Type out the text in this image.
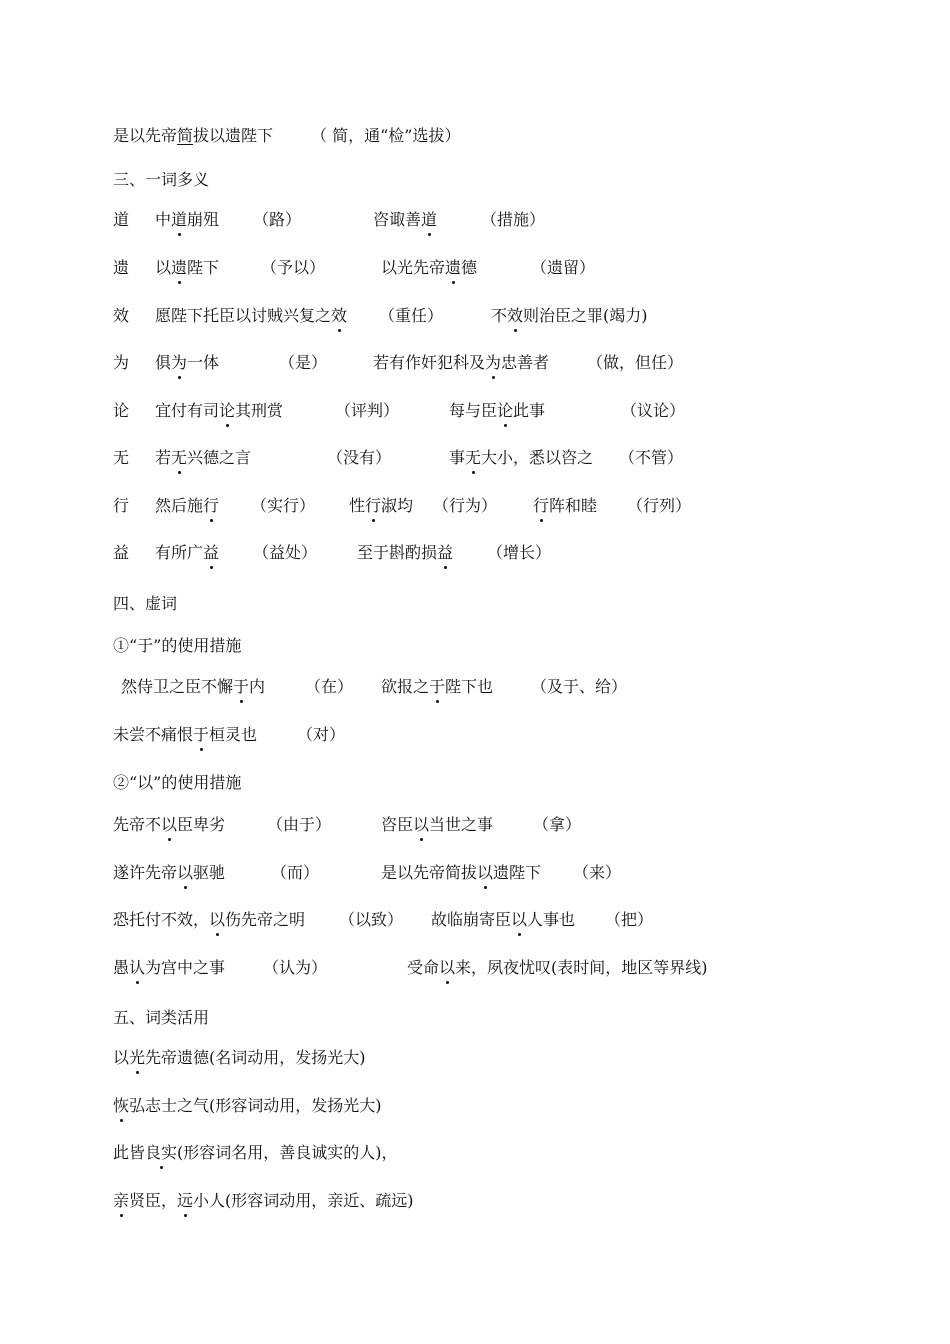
是以先帝简拔以遗陛下 （ 简，通“检”选拔）
三、一词多义
道 中道崩殂 （路）	咨诹善道	（措施）
遗 以遗陛下	（予以）	以光先帝遗德	（遗留）
效 愿陛下托臣以讨贼兴复之效 （重任）	不效则治臣之罪(竭力)
为 俱为一体	（是）	若有作奸犯科及为忠善者 （做，但任）
论 宜付有司论其刑赏	（评判）	每与臣论此事	（议论）
无 若无兴德之言	（没有）	事无大小，悉以咨之 （不管）
行 然后施行 （实行） 性行淑均 （行为） 行阵和睦 （行列）
益 有所广益 （益处） 至于斟酌损益 （增长）
四、虚词
①“于”的使用措施
然侍卫之臣不懈于内 （在） 欲报之于陛下也 （及于、给）
未尝不痛恨于桓灵也 （对）
②“以”的使用措施
先帝不以臣卑劣	（由于）	咨臣以当世之事 （拿）
遂许先帝以驱驰	（而）	是以先帝简拔以遗陛下 （来）
恐托付不效，以伤先帝之明 （以致） 故临崩寄臣以人事也 （把）
愚认为宫中之事 （认为）	受命以来，夙夜忧叹(表时间，地区等界线)
五、词类活用
以光先帝遗德(名词动用，发扬光大)
恢弘志士之气(形容词动用，发扬光大)
此皆良实(形容词名用，善良诚实的人)，
亲贤臣，远小人(形容词动用，亲近、疏远)
